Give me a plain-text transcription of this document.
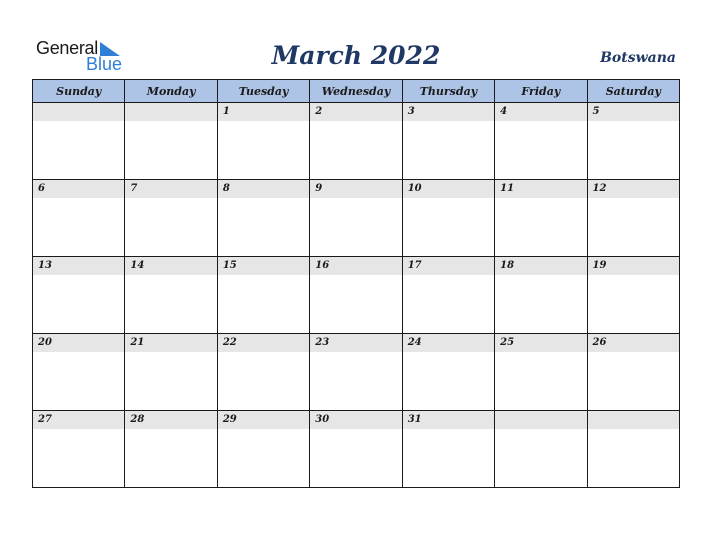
General
Blue	March 2022	Botswana
Sunday	Monday	Tuesday	Wednesday	Thursday	Friday	Saturday

		1	2	3	4	5

6	7	8	9	10	11	12

13	14	15	16	17	18	19

20	21	22	23	24	25	26

27	28	29	30	31		
